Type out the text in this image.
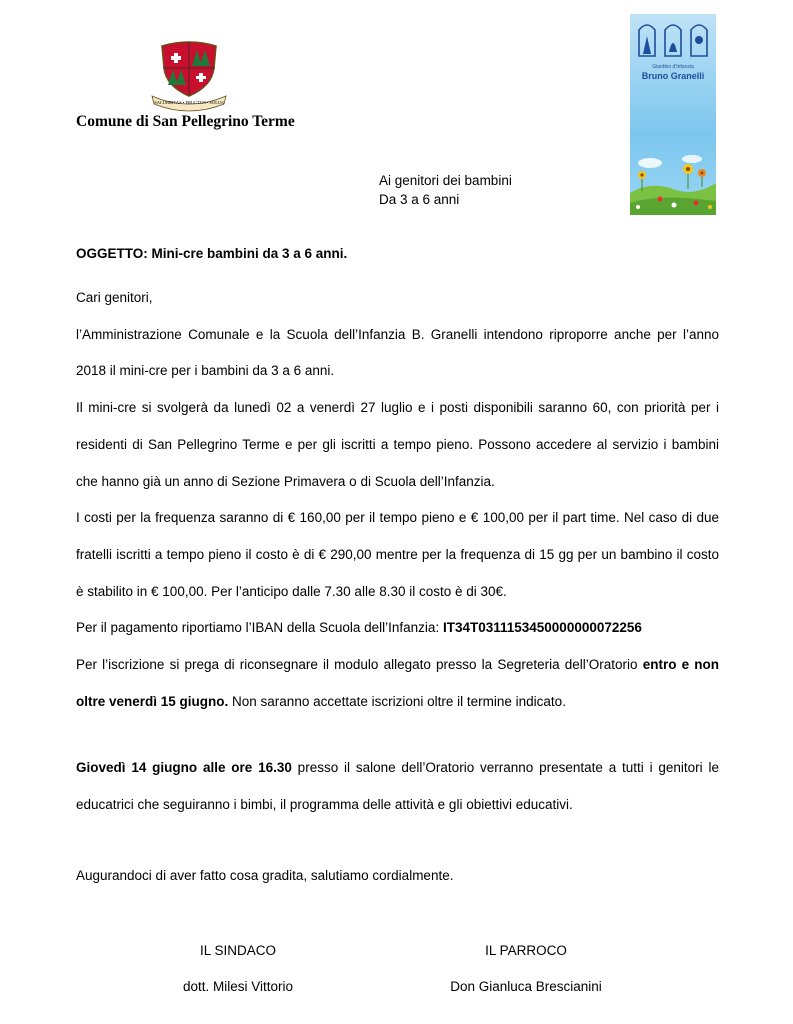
SALUBRITAS • FRUCTUS • SOLUS
Comune di San Pellegrino Terme
Giardino d'Infanzia
Bruno Granelli
Ai genitori dei bambini
Da 3 a 6 anni
OGGETTO: Mini-cre bambini da 3 a 6 anni.

Cari genitori,

l’Amministrazione Comunale e la Scuola dell’Infanzia B. Granelli intendono riproporre anche per l’anno 2018 il mini-cre per i bambini da 3 a 6 anni.

Il mini-cre si svolgerà da lunedì 02 a venerdì 27 luglio e i posti disponibili saranno 60, con priorità per i residenti di San Pellegrino Terme e per gli iscritti a tempo pieno. Possono accedere al servizio i bambini che hanno già un anno di Sezione Primavera o di Scuola dell’Infanzia.

I costi per la frequenza saranno di € 160,00 per il tempo pieno e € 100,00 per il part time. Nel caso di due fratelli iscritti a tempo pieno il costo è di € 290,00 mentre per la frequenza di 15 gg per un bambino il costo è stabilito in € 100,00. Per l’anticipo dalle 7.30 alle 8.30 il costo è di 30€.

Per il pagamento riportiamo l’IBAN della Scuola dell’Infanzia: IT34T0311153450000000072256

Per l’iscrizione si prega di riconsegnare il modulo allegato presso la Segreteria dell’Oratorio entro e non oltre venerdì 15 giugno. Non saranno accettate iscrizioni oltre il termine indicato.

Giovedì 14 giugno alle ore 16.30 presso il salone dell’Oratorio verranno presentate a tutti i genitori le educatrici che seguiranno i bimbi, il programma delle attività e gli obiettivi educativi.

Augurandoci di aver fatto cosa gradita, salutiamo cordialmente.
IL SINDACO
dott. Milesi Vittorio
IL PARROCO
Don Gianluca Brescianini
